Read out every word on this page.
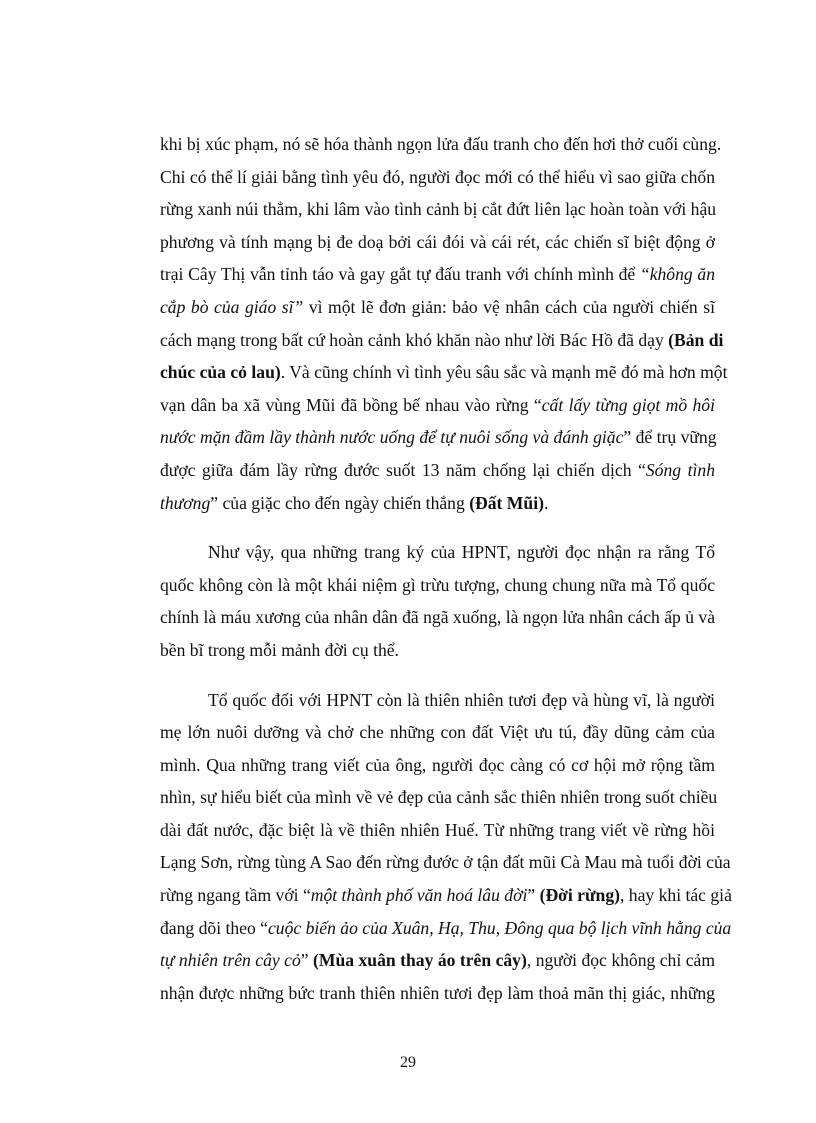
khi bị xúc phạm, nó sẽ hóa thành ngọn lửa đấu tranh cho đến hơi thở cuối cùng.
Chỉ có thể lí giải bằng tình yêu đó, người đọc mới có thể hiểu vì sao giữa chốn
rừng xanh núi thẳm, khi lâm vào tình cảnh bị cắt đứt liên lạc hoàn toàn với hậu
phương và tính mạng bị đe doạ bởi cái đói và cái rét, các chiến sĩ biệt động ở
trại Cây Thị vẫn tỉnh táo và gay gắt tự đấu tranh với chính mình để “không ăn
cắp bò của giáo sĩ” vì một lẽ đơn giản: bảo vệ nhân cách của người chiến sĩ
cách mạng trong bất cứ hoàn cảnh khó khăn nào như lời Bác Hồ đã dạy (Bản di
chúc của cỏ lau). Và cũng chính vì tình yêu sâu sắc và mạnh mẽ đó mà hơn một
vạn dân ba xã vùng Mũi đã bồng bế nhau vào rừng “cất lấy từng giọt mồ hôi
nước mặn đầm lầy thành nước uống để tự nuôi sống và đánh giặc” để trụ vững
được giữa đám lầy rừng đước suốt 13 năm chống lại chiến dịch “Sóng tình
thương” của giặc cho đến ngày chiến thắng (Đất Mũi).
Như vậy, qua những trang ký của HPNT, người đọc nhận ra rằng Tổ
quốc không còn là một khái niệm gì trừu tượng, chung chung nữa mà Tổ quốc
chính là máu xương của nhân dân đã ngã xuống, là ngọn lửa nhân cách ấp ủ và
bền bĩ trong mỗi mảnh đời cụ thể.
Tổ quốc đối với HPNT còn là thiên nhiên tươi đẹp và hùng vĩ, là người
mẹ lớn nuôi dưỡng và chở che những con đất Việt ưu tú, đầy dũng cảm của
mình. Qua những trang viết của ông, người đọc càng có cơ hội mở rộng tầm
nhìn, sự hiểu biết của mình về vẻ đẹp của cảnh sắc thiên nhiên trong suốt chiều
dài đất nước, đặc biệt là về thiên nhiên Huế. Từ những trang viết về rừng hồi
Lạng Sơn, rừng tùng A Sao đến rừng đước ở tận đất mũi Cà Mau mà tuổi đời của
rừng ngang tầm với “một thành phố văn hoá lâu đời” (Đời rừng), hay khi tác giả
đang dõi theo “cuộc biến ảo của Xuân, Hạ, Thu, Đông qua bộ lịch vĩnh hằng của
tự nhiên trên cây cỏ” (Mùa xuân thay áo trên cây), người đọc không chỉ cảm
nhận được những bức tranh thiên nhiên tươi đẹp làm thoả mãn thị giác, những
29
